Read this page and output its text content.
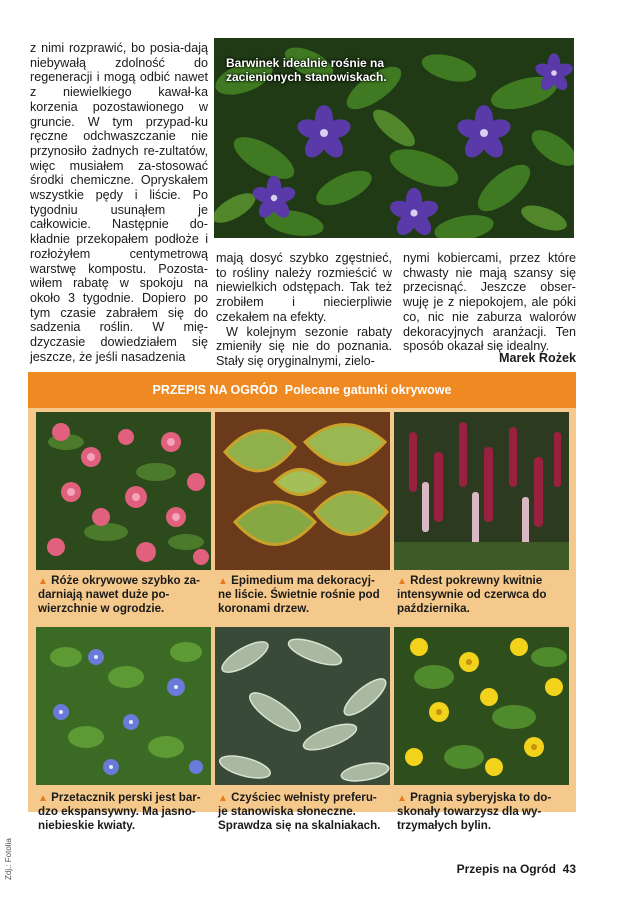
z nimi rozprawić, bo posia-dają niebywałą zdolność do regeneracji i mogą odbić nawet z niewielkiego kawał-ka korzenia pozostawionego w gruncie. W tym przypad-ku ręczne odchwaszczanie nie przynosiło żadnych re-zultatów, więc musiałem za-stosować środki chemiczne. Opryskałem wszystkie pędy i liście. Po tygodniu usunąłem je całkowicie. Następnie do-kładnie przekopałem podłoże i rozłożyłem centymetrową warstwę kompostu. Pozosta-wiłem rabatę w spokoju na około 3 tygodnie. Dopiero po tym czasie zabrałem się do sadzenia roślin. W mię-dzyczasie dowiedziałem się jeszcze, że jeśli nasadzenia

Barwinek idealnie rośnie na zacienionych stanowiskach.

mają dosyć szybko zgęstnieć, to rośliny należy rozmieścić w niewielkich odstępach. Tak też zrobiłem i niecierpliwie czekałem na efekty.

W kolejnym sezonie rabaty zmieniły się nie do poznania. Stały się oryginalnymi, zielo-

nymi kobiercami, przez które chwasty nie mają szansy się przecisnąć. Jeszcze obser-wuję je z niepokojem, ale póki co, nic nie zaburza walorów dekoracyjnych aranżacji. Ten sposób okazał się idealny.

Marek Rożek
PRZEPIS NA OGRÓD Polecane gatunki okrywowe
▲ Róże okrywowe szybko za-darniają nawet duże po-wierzchnie w ogrodzie.
▲ Epimedium ma dekoracyj-ne liście. Świetnie rośnie pod koronami drzew.
▲ Rdest pokrewny kwitnie intensywnie od czerwca do października.
▲ Przetacznik perski jest bar-dzo ekspansywny. Ma jasno-niebieskie kwiaty.
▲ Czyściec wełnisty preferu-je stanowiska słoneczne. Sprawdza się na skalniakach.
▲ Pragnia syberyjska to do-skonały towarzysz dla wy-trzymałych bylin.
Zdj.: Fotolia	Przepis na Ogród 43
